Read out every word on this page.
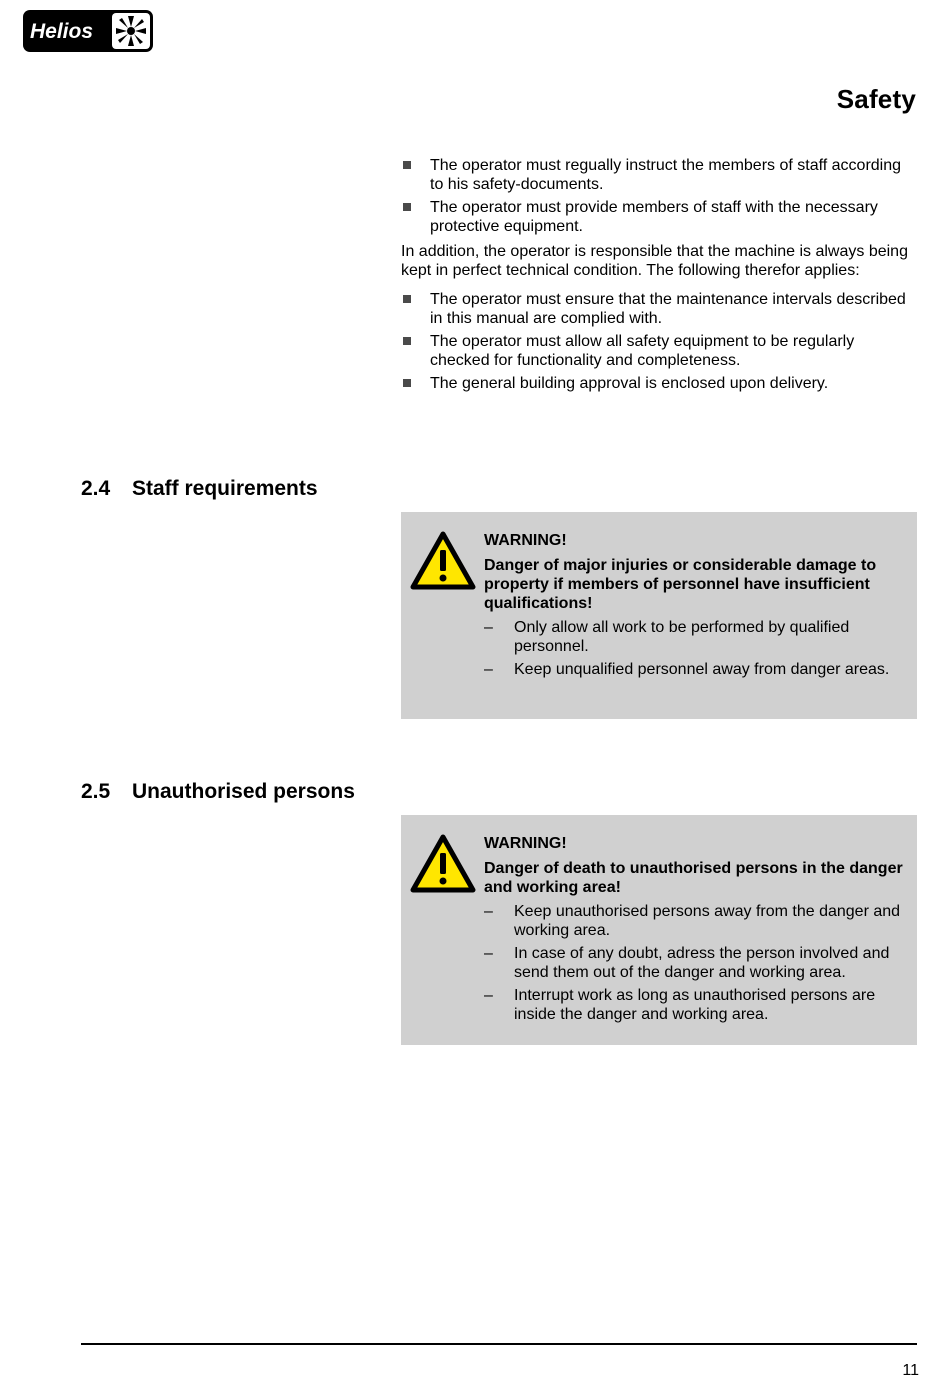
Helios
Safety
The operator must regually instruct the members of staff according to his safety-documents.
The operator must provide members of staff with the necessary protective equipment.

In addition, the operator is responsible that the machine is always being kept in perfect technical condition. The following therefor applies:

The operator must ensure that the maintenance intervals described in this manual are complied with.
The operator must allow all safety equipment to be regularly checked for functionality and completeness.
The general building approval is enclosed upon delivery.
2.4 Staff requirements

WARNING!

Danger of major injuries or considerable damage to property if members of personnel have insufficient qualifications!

– Only allow all work to be performed by qualified personnel.
– Keep unqualified personnel away from danger areas.
2.5 Unauthorised persons

WARNING!

Danger of death to unauthorised persons in the danger and working area!

– Keep unauthorised persons away from the danger and working area.
– In case of any doubt, adress the person involved and send them out of the danger and working area.
– Interrupt work as long as unauthorised persons are inside the danger and working area.
11
